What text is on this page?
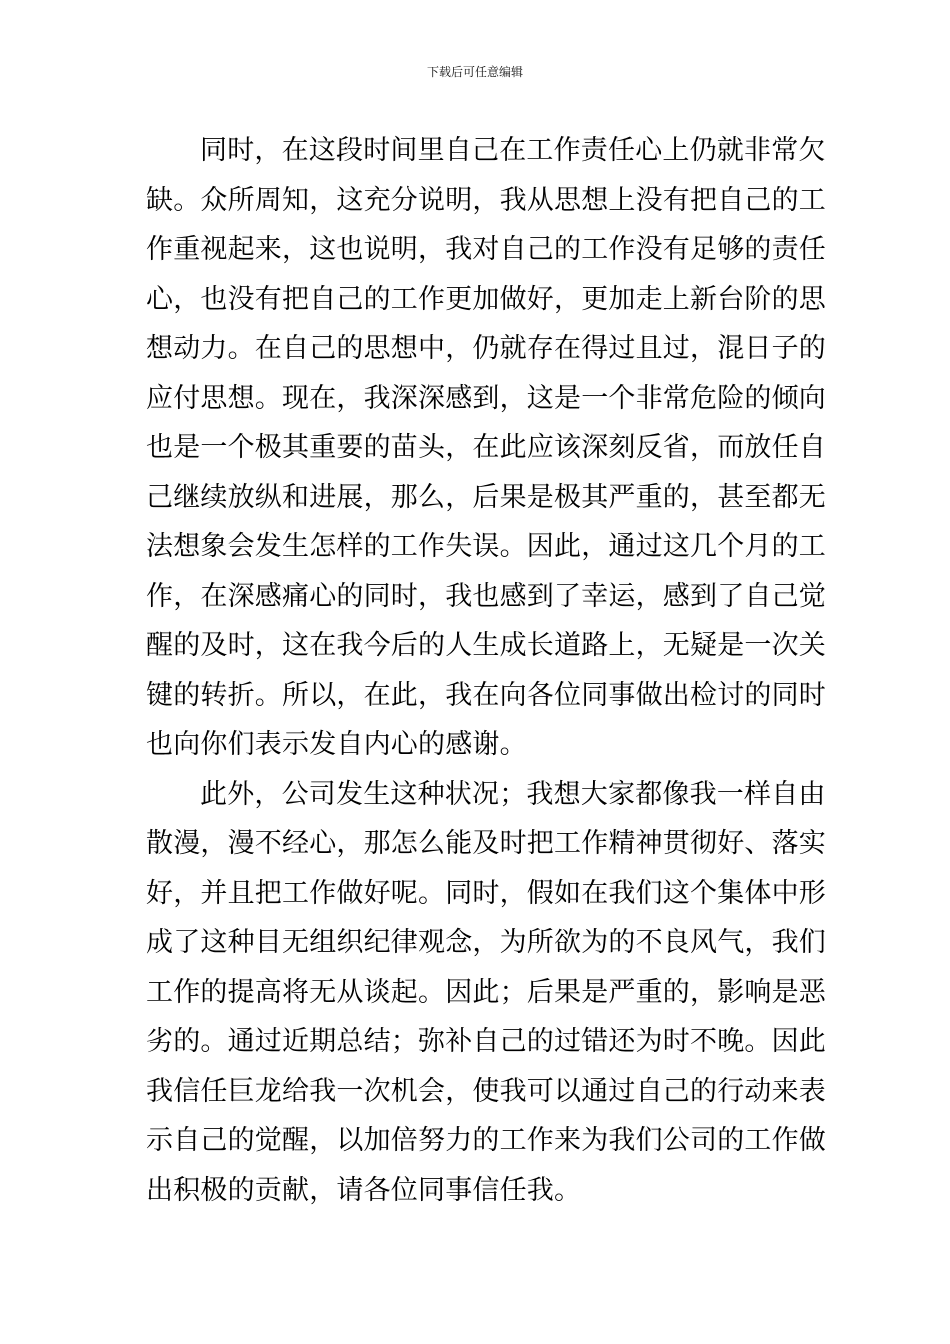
下载后可任意编辑
同时，在这段时间里自己在工作责任心上仍就非常欠
缺。众所周知，这充分说明，我从思想上没有把自己的工
作重视起来，这也说明，我对自己的工作没有足够的责任
心，也没有把自己的工作更加做好，更加走上新台阶的思
想动力。在自己的思想中，仍就存在得过且过，混日子的
应付思想。现在，我深深感到，这是一个非常危险的倾向
也是一个极其重要的苗头，在此应该深刻反省，而放任自
己继续放纵和进展，那么，后果是极其严重的，甚至都无
法想象会发生怎样的工作失误。因此，通过这几个月的工
作，在深感痛心的同时，我也感到了幸运，感到了自己觉
醒的及时，这在我今后的人生成长道路上，无疑是一次关
键的转折。所以，在此，我在向各位同事做出检讨的同时
也向你们表示发自内心的感谢。
此外，公司发生这种状况；我想大家都像我一样自由
散漫，漫不经心，那怎么能及时把工作精神贯彻好、落实
好，并且把工作做好呢。同时，假如在我们这个集体中形
成了这种目无组织纪律观念，为所欲为的不良风气，我们
工作的提高将无从谈起。因此；后果是严重的，影响是恶
劣的。通过近期总结；弥补自己的过错还为时不晚。因此
我信任巨龙给我一次机会，使我可以通过自己的行动来表
示自己的觉醒，以加倍努力的工作来为我们公司的工作做
出积极的贡献，请各位同事信任我。
